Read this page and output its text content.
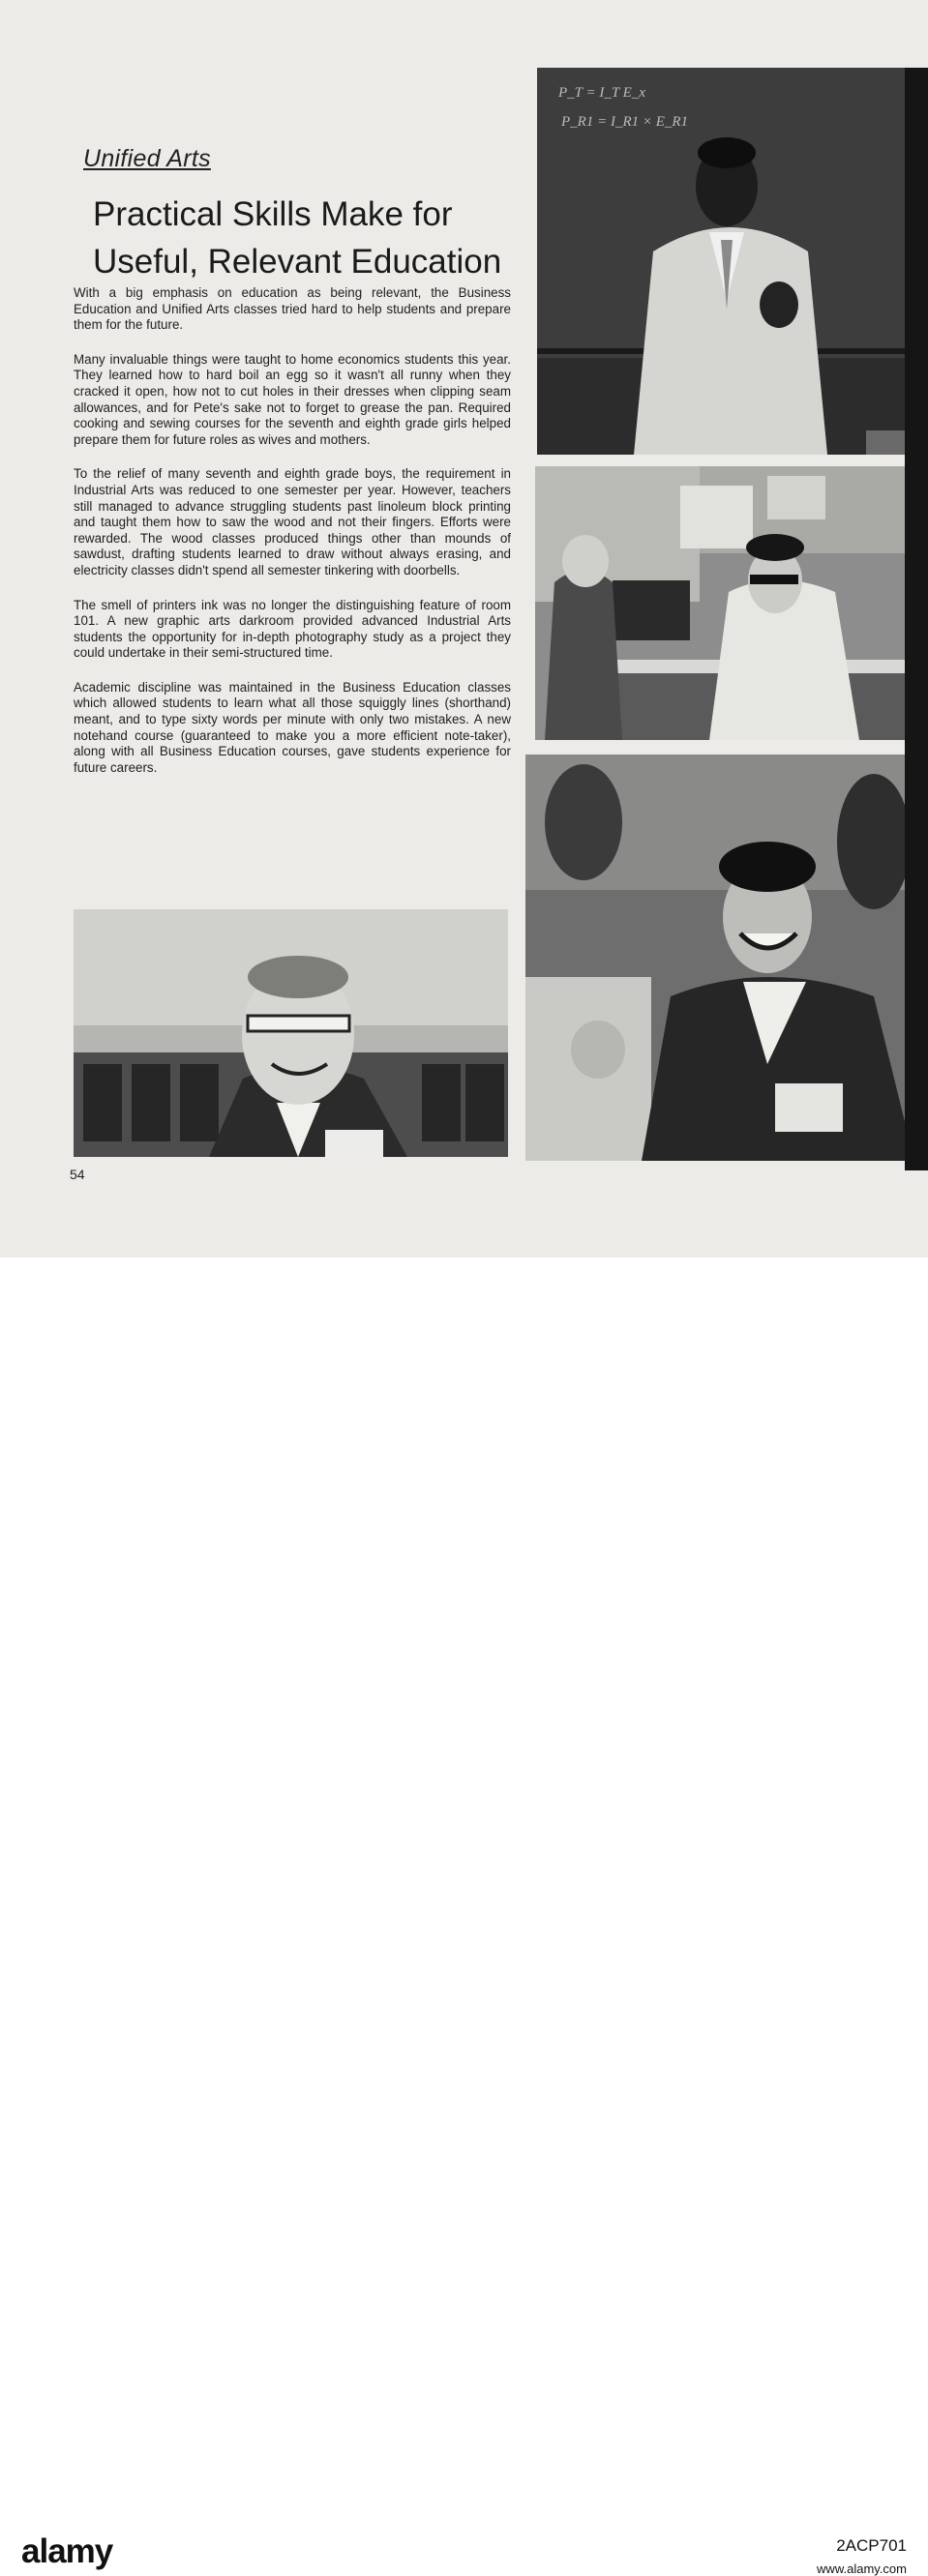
Unified Arts
Practical Skills Make for Useful, Relevant Education

With a big emphasis on education as being relevant, the Business Education and Unified Arts classes tried hard to help students and prepare them for the future.

Many invaluable things were taught to home economics students this year. They learned how to hard boil an egg so it wasn't all runny when they cracked it open, how not to cut holes in their dresses when clipping seam allowances, and for Pete's sake not to forget to grease the pan. Required cooking and sewing courses for the seventh and eighth grade girls helped prepare them for future roles as wives and mothers.

To the relief of many seventh and eighth grade boys, the requirement in Industrial Arts was reduced to one semester per year. However, teachers still managed to advance struggling students past linoleum block printing and taught them how to saw the wood and not their fingers. Efforts were rewarded. The wood classes produced things other than mounds of sawdust, drafting students learned to draw without always erasing, and electricity classes didn't spend all semester tinkering with doorbells.

The smell of printers ink was no longer the distinguishing feature of room 101. A new graphic arts darkroom provided advanced Industrial Arts students the opportunity for in-depth photography study as a project they could undertake in their semi-structured time.

Academic discipline was maintained in the Business Education classes which allowed students to learn what all those squiggly lines (shorthand) meant, and to type sixty words per minute with only two mistakes. A new notehand course (guaranteed to make you a more efficient note-taker), along with all Business Education courses, gave students experience for future careers.

P_T = I_T E_x
P_R1 = I_R1 × E_R1
54
alamy	2ACP701
www.alamy.com
